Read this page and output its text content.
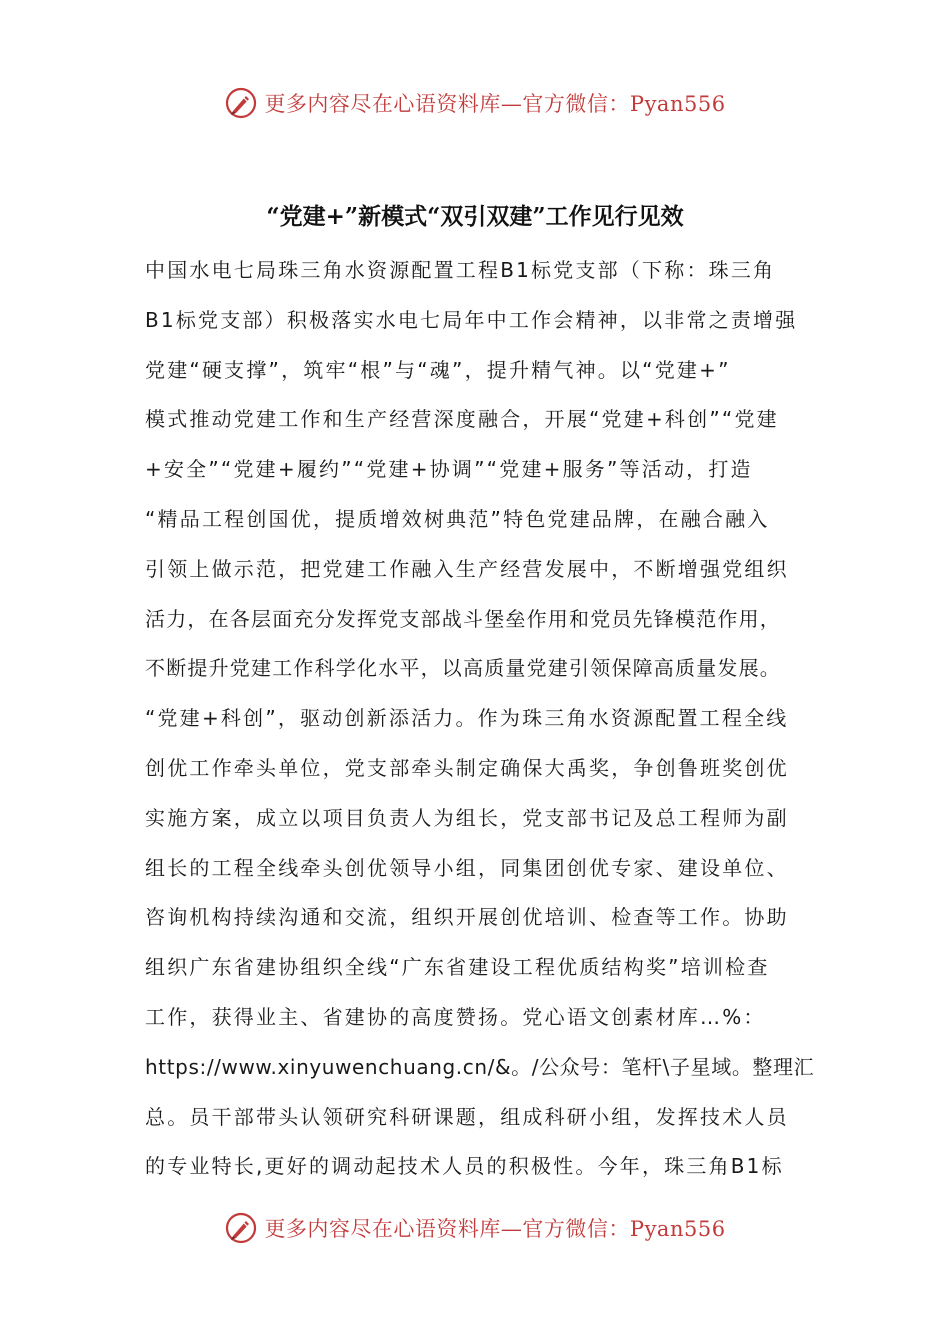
更多内容尽在心语资料库—官方微信：Pyan556
“党建+”新模式“双引双建”工作见行见效
中国水电七局珠三角水资源配置工程B1标党支部（下称：珠三角
B1标党支部）积极落实水电七局年中工作会精神，以非常之责增强
党建“硬支撑”，筑牢“根”与“魂”，提升精气神。以“党建+”
模式推动党建工作和生产经营深度融合，开展“党建+科创”“党建
+安全”“党建+履约”“党建+协调”“党建+服务”等活动，打造
“精品工程创国优，提质增效树典范”特色党建品牌，在融合融入
引领上做示范，把党建工作融入生产经营发展中，不断增强党组织
活力，在各层面充分发挥党支部战斗堡垒作用和党员先锋模范作用，
不断提升党建工作科学化水平，以高质量党建引领保障高质量发展。
“党建+科创”，驱动创新添活力。作为珠三角水资源配置工程全线
创优工作牵头单位，党支部牵头制定确保大禹奖，争创鲁班奖创优
实施方案，成立以项目负责人为组长，党支部书记及总工程师为副
组长的工程全线牵头创优领导小组，同集团创优专家、建设单位、
咨询机构持续沟通和交流，组织开展创优培训、检查等工作。协助
组织广东省建协组织全线“广东省建设工程优质结构奖”培训检查
工作，获得业主、省建协的高度赞扬。党心语文创素材库…%：
https://www.xinyuwenchuang.cn/&。/公众号：笔杆\子星域。整理汇
总。员干部带头认领研究科研课题，组成科研小组，发挥技术人员
的专业特长,更好的调动起技术人员的积极性。今年，珠三角B1标
更多内容尽在心语资料库—官方微信：Pyan556
